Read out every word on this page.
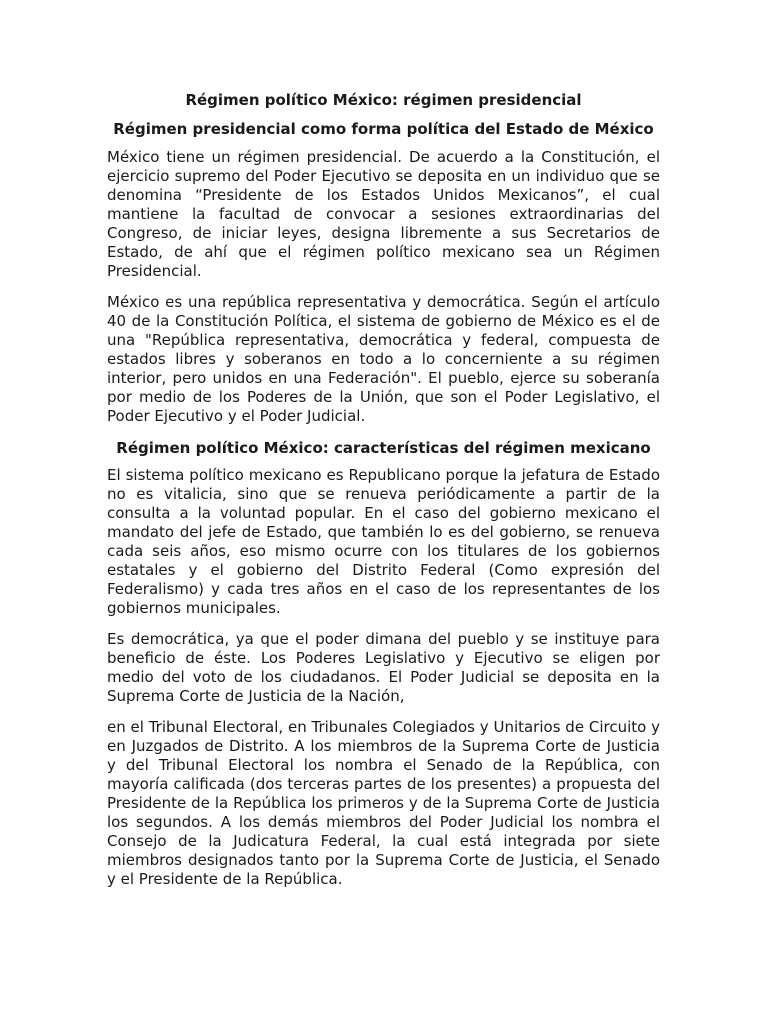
Régimen político México: régimen presidencial
Régimen presidencial como forma política del Estado de México

México tiene un régimen presidencial. De acuerdo a la Constitución, el ejercicio supremo del Poder Ejecutivo se deposita en un individuo que se denomina “Presidente de los Estados Unidos Mexicanos”, el cual mantiene la facultad de convocar a sesiones extraordinarias del Congreso, de iniciar leyes, designa libremente a sus Secretarios de Estado, de ahí que el régimen político mexicano sea un Régimen Presidencial.

México es una república representativa y democrática. Según el artículo 40 de la Constitución Política, el sistema de gobierno de México es el de una "República representativa, democrática y federal, compuesta de estados libres y soberanos en todo a lo concerniente a su régimen interior, pero unidos en una Federación". El pueblo, ejerce su soberanía por medio de los Poderes de la Unión, que son el Poder Legislativo, el Poder Ejecutivo y el Poder Judicial.

Régimen político México: características del régimen mexicano

El sistema político mexicano es Republicano porque la jefatura de Estado no es vitalicia, sino que se renueva periódicamente a partir de la consulta a la voluntad popular. En el caso del gobierno mexicano el mandato del jefe de Estado, que también lo es del gobierno, se renueva cada seis años, eso mismo ocurre con los titulares de los gobiernos estatales y el gobierno del Distrito Federal (Como expresión del Federalismo) y cada tres años en el caso de los representantes de los gobiernos municipales.

Es democrática, ya que el poder dimana del pueblo y se instituye para beneficio de éste. Los Poderes Legislativo y Ejecutivo se eligen por medio del voto de los ciudadanos. El Poder Judicial se deposita en la Suprema Corte de Justicia de la Nación,

en el Tribunal Electoral, en Tribunales Colegiados y Unitarios de Circuito y en Juzgados de Distrito. A los miembros de la Suprema Corte de Justicia y del Tribunal Electoral los nombra el Senado de la República, con mayoría calificada (dos terceras partes de los presentes) a propuesta del Presidente de la República los primeros y de la Suprema Corte de Justicia los segundos. A los demás miembros del Poder Judicial los nombra el Consejo de la Judicatura Federal, la cual está integrada por siete miembros designados tanto por la Suprema Corte de Justicia, el Senado y el Presidente de la República.
